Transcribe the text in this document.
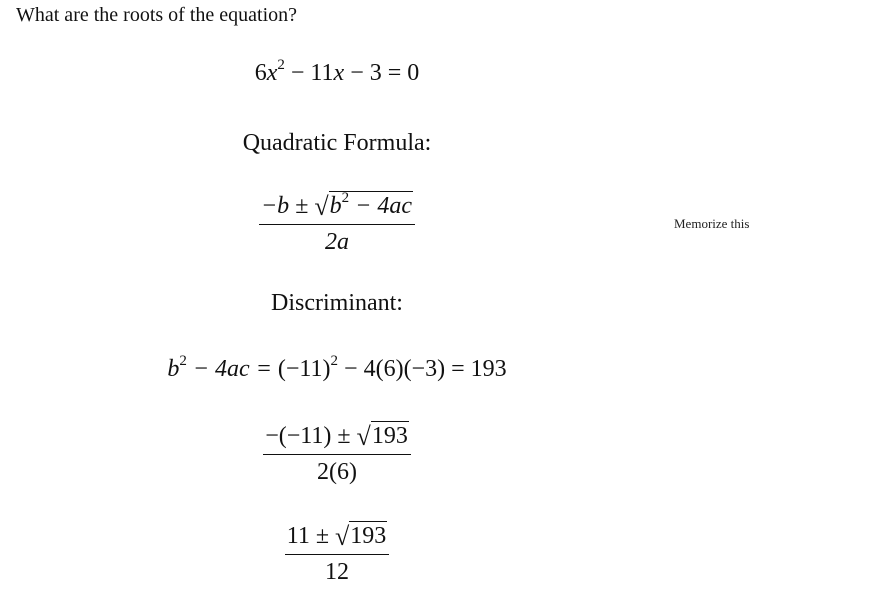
What are the roots of the equation?
$6x^2 - 11x - 3 = 0$
Quadratic Formula:
$\frac{-b \pm √b^2 - 4ac}{2a}$	Memorize this
Discriminant:
$b^2 - 4ac = (-11)^2 - 4(6)(-3) = 193$
$\frac{-(-11) \pm √193}{2(6)}$
$\frac{11 \pm √193}{12}$
